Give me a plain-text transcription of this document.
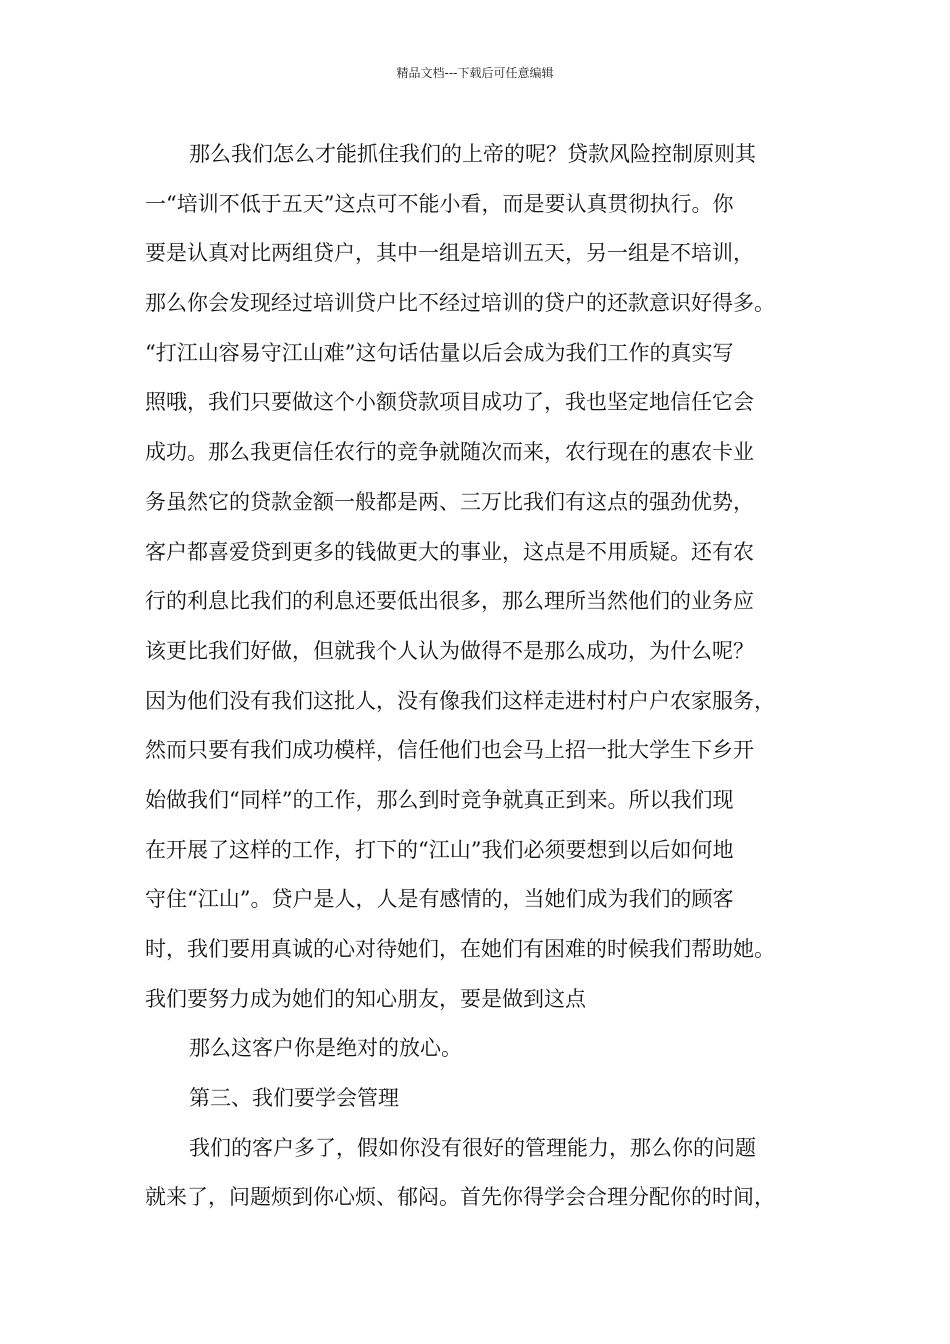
精品文档---下载后可任意编辑
那么我们怎么才能抓住我们的上帝的呢？贷款风险控制原则其
一“培训不低于五天”这点可不能小看，而是要认真贯彻执行。你
要是认真对比两组贷户，其中一组是培训五天，另一组是不培训，
那么你会发现经过培训贷户比不经过培训的贷户的还款意识好得多。
“打江山容易守江山难”这句话估量以后会成为我们工作的真实写
照哦，我们只要做这个小额贷款项目成功了，我也坚定地信任它会
成功。那么我更信任农行的竞争就随次而来，农行现在的惠农卡业
务虽然它的贷款金额一般都是两、三万比我们有这点的强劲优势，
客户都喜爱贷到更多的钱做更大的事业，这点是不用质疑。还有农
行的利息比我们的利息还要低出很多，那么理所当然他们的业务应
该更比我们好做，但就我个人认为做得不是那么成功，为什么呢？
因为他们没有我们这批人，没有像我们这样走进村村户户农家服务，
然而只要有我们成功模样，信任他们也会马上招一批大学生下乡开
始做我们“同样”的工作，那么到时竞争就真正到来。所以我们现
在开展了这样的工作，打下的“江山”我们必须要想到以后如何地
守住“江山”。贷户是人，人是有感情的，当她们成为我们的顾客
时，我们要用真诚的心对待她们，在她们有困难的时候我们帮助她。
我们要努力成为她们的知心朋友，要是做到这点
那么这客户你是绝对的放心。
第三、我们要学会管理
我们的客户多了，假如你没有很好的管理能力，那么你的问题
就来了，问题烦到你心烦、郁闷。首先你得学会合理分配你的时间，
